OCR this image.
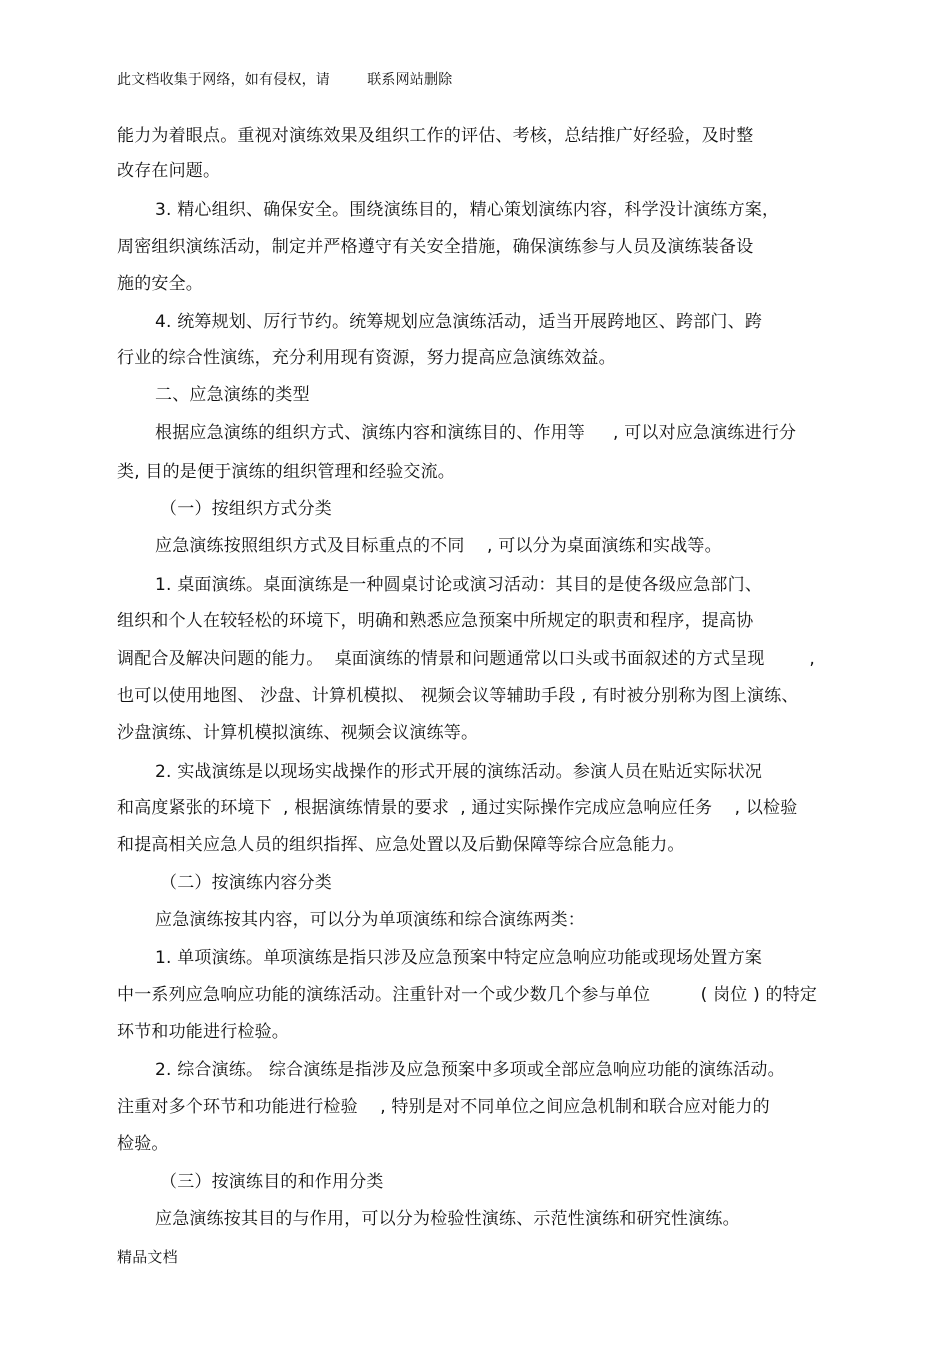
此文档收集于网络，如有侵权，请        联系网站删除
能力为着眼点。重视对演练效果及组织工作的评估、考核，总结推广好经验，及时整
改存在问题。
3. 精心组织、确保安全。围绕演练目的，精心策划演练内容，科学没计演练方案，
周密组织演练活动，制定并严格遵守有关安全措施，确保演练参与人员及演练装备设
施的安全。
4. 统筹规划、厉行节约。统筹规划应急演练活动，适当开展跨地区、跨部门、跨
行业的综合性演练，充分利用现有资源，努力提高应急演练效益。
二、应急演练的类型
根据应急演练的组织方式、演练内容和演练目的、作用等     , 可以对应急演练进行分
类, 目的是便于演练的组织管理和经验交流。
（一）按组织方式分类
应急演练按照组织方式及目标重点的不同    , 可以分为桌面演练和实战等。
1. 桌面演练。桌面演练是一种圆桌讨论或演习活动：其目的是使各级应急部门、
组织和个人在较轻松的环境下，明确和熟悉应急预案中所规定的职责和程序，提高协
调配合及解决问题的能力。  桌面演练的情景和问题通常以口头或书面叙述的方式呈现        ,
也可以使用地图、 沙盘、计算机模拟、 视频会议等辅助手段 , 有时被分别称为图上演练、
沙盘演练、计算机模拟演练、视频会议演练等。
2. 实战演练是以现场实战操作的形式开展的演练活动。参演人员在贴近实际状况
和高度紧张的环境下  , 根据演练情景的要求  , 通过实际操作完成应急响应任务    , 以检验
和提高相关应急人员的组织指挥、应急处置以及后勤保障等综合应急能力。
（二）按演练内容分类
应急演练按其内容，可以分为单项演练和综合演练两类：
1. 单项演练。单项演练是指只涉及应急预案中特定应急响应功能或现场处置方案
中一系列应急响应功能的演练活动。注重针对一个或少数几个参与单位         ( 岗位 ) 的特定
环节和功能进行检验。
2. 综合演练。 综合演练是指涉及应急预案中多项或全部应急响应功能的演练活动。
注重对多个环节和功能进行检验    , 特别是对不同单位之间应急机制和联合应对能力的
检验。
（三）按演练目的和作用分类
应急演练按其目的与作用，可以分为检验性演练、示范性演练和研究性演练。
精品文档
